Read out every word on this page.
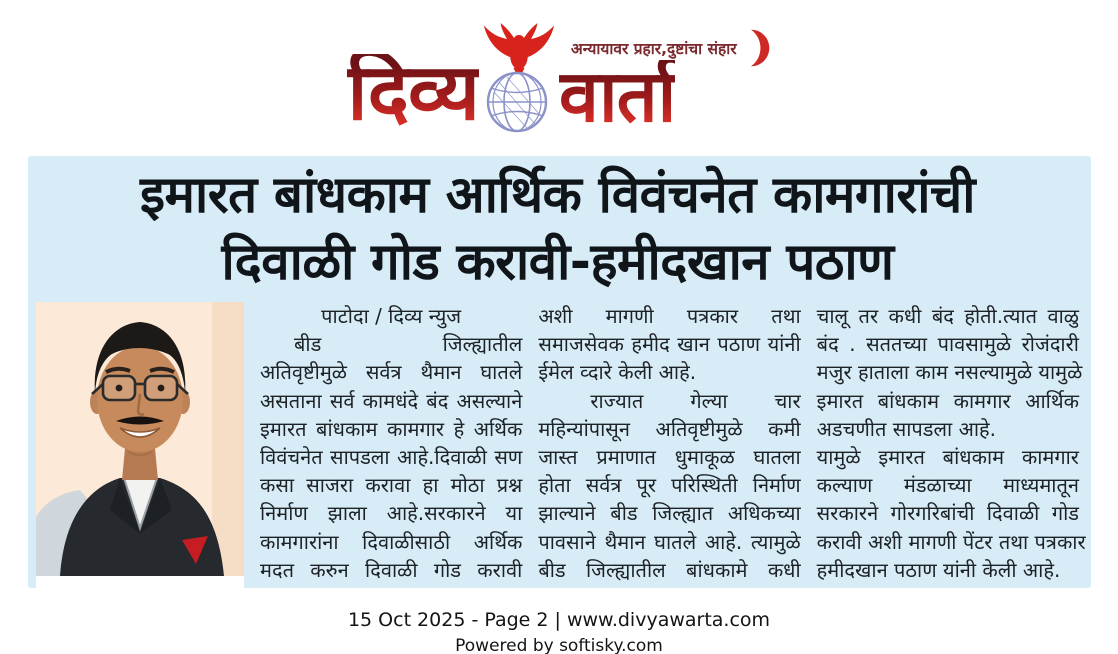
दिव्य	अन्यायावर प्रहार,दुष्टांचा संहार
वार्ता
इमारत बांधकाम आर्थिक विवंचनेत कामगारांची
दिवाळी गोड करावी-हमीदखान पठाण
पाटोदा / दिव्य न्युज
बीड जिल्ह्यातील
अतिवृष्टीमुळे सर्वत्र थैमान घातले
असताना सर्व कामधंदे बंद असल्याने
इमारत बांधकाम कामगार हे अर्थिक
विवंचनेत सापडला आहे.दिवाळी सण
कसा साजरा करावा हा मोठा प्रश्न
निर्माण झाला आहे.सरकारने या
कामगारांना दिवाळीसाठी अर्थिक
मदत करुन दिवाळी गोड करावी
अशी मागणी पत्रकार तथा
समाजसेवक हमीद खान पठाण यांनी
ईमेल व्दारे केली आहे.
राज्यात गेल्या चार
महिन्यांपासून अतिवृष्टीमुळे कमी
जास्त प्रमाणात धुमाकूळ घातला
होता सर्वत्र पूर परिस्थिती निर्माण
झाल्याने बीड जिल्ह्यात अधिकच्या
पावसाने थैमान घातले आहे. त्यामुळे
बीड जिल्ह्यातील बांधकामे कधी
चालू तर कधी बंद होती.त्यात वाळु
बंद . सततच्या पावसामुळे रोजंदारी
मजुर हाताला काम नसल्यामुळे यामुळे
इमारत बांधकाम कामगार आर्थिक
अडचणीत सापडला आहे.
यामुळे इमारत बांधकाम कामगार
कल्याण मंडळाच्या माध्यमातून
सरकारने गोरगरिबांची दिवाळी गोड
करावी अशी मागणी पेंटर तथा पत्रकार
हमीदखान पठाण यांनी केली आहे.
15 Oct 2025 - Page 2 | www.divyawarta.com
Powered by softisky.com
